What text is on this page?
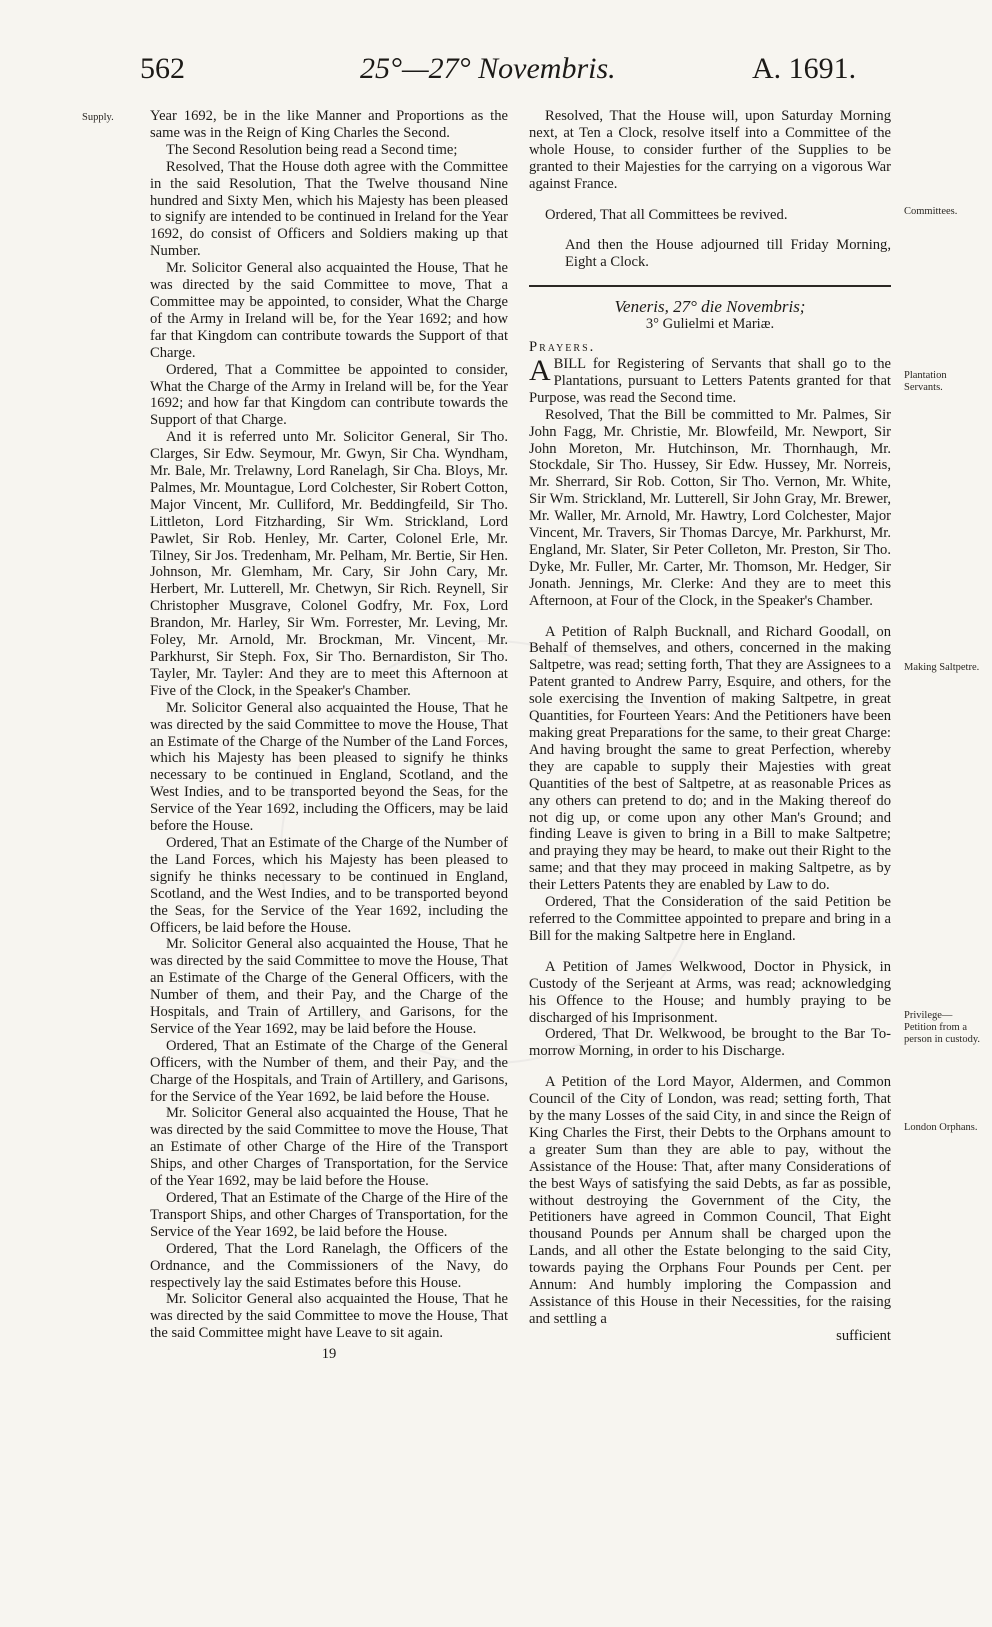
562	25°—27° Novembris.	A. 1691.
Supply.
Committees.
Plantation Servants.
Making Saltpetre.
Privilege—Petition from a person in custody.
London Orphans.

Year 1692, be in the like Manner and Proportions as the same was in the Reign of King Charles the Second.

The Second Resolution being read a Second time;

Resolved, That the House doth agree with the Committee in the said Resolution, That the Twelve thousand Nine hundred and Sixty Men, which his Majesty has been pleased to signify are intended to be continued in Ireland for the Year 1692, do consist of Officers and Soldiers making up that Number.

Mr. Solicitor General also acquainted the House, That he was directed by the said Committee to move, That a Committee may be appointed, to consider, What the Charge of the Army in Ireland will be, for the Year 1692; and how far that Kingdom can contribute towards the Support of that Charge.

Ordered, That a Committee be appointed to consider, What the Charge of the Army in Ireland will be, for the Year 1692; and how far that Kingdom can contribute towards the Support of that Charge.

And it is referred unto Mr. Solicitor General, Sir Tho. Clarges, Sir Edw. Seymour, Mr. Gwyn, Sir Cha. Wyndham, Mr. Bale, Mr. Trelawny, Lord Ranelagh, Sir Cha. Bloys, Mr. Palmes, Mr. Mountague, Lord Colchester, Sir Robert Cotton, Major Vincent, Mr. Culliford, Mr. Beddingfeild, Sir Tho. Littleton, Lord Fitzharding, Sir Wm. Strickland, Lord Pawlet, Sir Rob. Henley, Mr. Carter, Colonel Erle, Mr. Tilney, Sir Jos. Tredenham, Mr. Pelham, Mr. Bertie, Sir Hen. Johnson, Mr. Glemham, Mr. Cary, Sir John Cary, Mr. Herbert, Mr. Lutterell, Mr. Chetwyn, Sir Rich. Reynell, Sir Christopher Musgrave, Colonel Godfry, Mr. Fox, Lord Brandon, Mr. Harley, Sir Wm. Forrester, Mr. Leving, Mr. Foley, Mr. Arnold, Mr. Brockman, Mr. Vincent, Mr. Parkhurst, Sir Steph. Fox, Sir Tho. Bernardiston, Sir Tho. Tayler, Mr. Tayler: And they are to meet this Afternoon at Five of the Clock, in the Speaker's Chamber.

Mr. Solicitor General also acquainted the House, That he was directed by the said Committee to move the House, That an Estimate of the Charge of the Number of the Land Forces, which his Majesty has been pleased to signify he thinks necessary to be continued in England, Scotland, and the West Indies, and to be transported beyond the Seas, for the Service of the Year 1692, including the Officers, may be laid before the House.

Ordered, That an Estimate of the Charge of the Number of the Land Forces, which his Majesty has been pleased to signify he thinks necessary to be continued in England, Scotland, and the West Indies, and to be transported beyond the Seas, for the Service of the Year 1692, including the Officers, be laid before the House.

Mr. Solicitor General also acquainted the House, That he was directed by the said Committee to move the House, That an Estimate of the Charge of the General Officers, with the Number of them, and their Pay, and the Charge of the Hospitals, and Train of Artillery, and Garisons, for the Service of the Year 1692, may be laid before the House.

Ordered, That an Estimate of the Charge of the General Officers, with the Number of them, and their Pay, and the Charge of the Hospitals, and Train of Artillery, and Garisons, for the Service of the Year 1692, be laid before the House.

Mr. Solicitor General also acquainted the House, That he was directed by the said Committee to move the House, That an Estimate of other Charge of the Hire of the Transport Ships, and other Charges of Transportation, for the Service of the Year 1692, may be laid before the House.

Ordered, That an Estimate of the Charge of the Hire of the Transport Ships, and other Charges of Transportation, for the Service of the Year 1692, be laid before the House.

Ordered, That the Lord Ranelagh, the Officers of the Ordnance, and the Commissioners of the Navy, do respectively lay the said Estimates before this House.

Mr. Solicitor General also acquainted the House, That he was directed by the said Committee to move the House, That the said Committee might have Leave to sit again.

19

Resolved, That the House will, upon Saturday Morning next, at Ten a Clock, resolve itself into a Committee of the whole House, to consider further of the Supplies to be granted to their Majesties for the carrying on a vigorous War against France.

Ordered, That all Committees be revived.

And then the House adjourned till Friday Morning, Eight a Clock.

Veneris, 27° die Novembris;
3° Gulielmi et Mariæ.
Prayers.

ABILL for Registering of Servants that shall go to the Plantations, pursuant to Letters Patents granted for that Purpose, was read the Second time.

Resolved, That the Bill be committed to Mr. Palmes, Sir John Fagg, Mr. Christie, Mr. Blowfeild, Mr. Newport, Sir John Moreton, Mr. Hutchinson, Mr. Thornhaugh, Mr. Stockdale, Sir Tho. Hussey, Sir Edw. Hussey, Mr. Norreis, Mr. Sherrard, Sir Rob. Cotton, Sir Tho. Vernon, Mr. White, Sir Wm. Strickland, Mr. Lutterell, Sir John Gray, Mr. Brewer, Mr. Waller, Mr. Arnold, Mr. Hawtry, Lord Colchester, Major Vincent, Mr. Travers, Sir Thomas Darcye, Mr. Parkhurst, Mr. England, Mr. Slater, Sir Peter Colleton, Mr. Preston, Sir Tho. Dyke, Mr. Fuller, Mr. Carter, Mr. Thomson, Mr. Hedger, Sir Jonath. Jennings, Mr. Clerke: And they are to meet this Afternoon, at Four of the Clock, in the Speaker's Chamber.

A Petition of Ralph Bucknall, and Richard Goodall, on Behalf of themselves, and others, concerned in the making Saltpetre, was read; setting forth, That they are Assignees to a Patent granted to Andrew Parry, Esquire, and others, for the sole exercising the Invention of making Saltpetre, in great Quantities, for Fourteen Years: And the Petitioners have been making great Preparations for the same, to their great Charge: And having brought the same to great Perfection, whereby they are capable to supply their Majesties with great Quantities of the best of Saltpetre, at as reasonable Prices as any others can pretend to do; and in the Making thereof do not dig up, or come upon any other Man's Ground; and finding Leave is given to bring in a Bill to make Saltpetre; and praying they may be heard, to make out their Right to the same; and that they may proceed in making Saltpetre, as by their Letters Patents they are enabled by Law to do.

Ordered, That the Consideration of the said Petition be referred to the Committee appointed to prepare and bring in a Bill for the making Saltpetre here in England.

A Petition of James Welkwood, Doctor in Physick, in Custody of the Serjeant at Arms, was read; acknowledging his Offence to the House; and humbly praying to be discharged of his Imprisonment.

Ordered, That Dr. Welkwood, be brought to the Bar To-morrow Morning, in order to his Discharge.

A Petition of the Lord Mayor, Aldermen, and Common Council of the City of London, was read; setting forth, That by the many Losses of the said City, in and since the Reign of King Charles the First, their Debts to the Orphans amount to a greater Sum than they are able to pay, without the Assistance of the House: That, after many Considerations of the best Ways of satisfying the said Debts, as far as possible, without destroying the Government of the City, the Petitioners have agreed in Common Council, That Eight thousand Pounds per Annum shall be charged upon the Lands, and all other the Estate belonging to the said City, towards paying the Orphans Four Pounds per Cent. per Annum: And humbly imploring the Compassion and Assistance of this House in their Necessities, for the raising and settling a

sufficient
